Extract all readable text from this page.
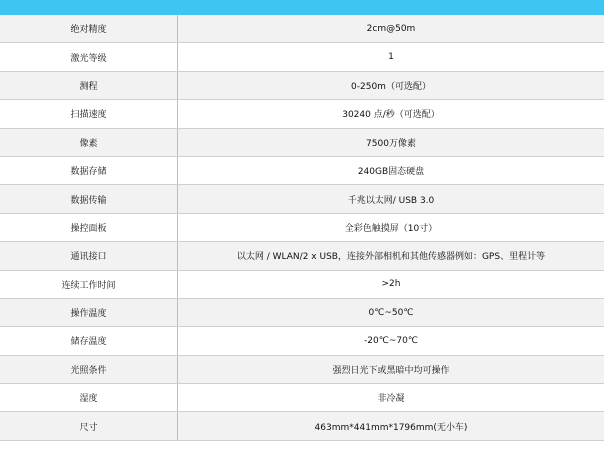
绝对精度	2cm@50m
激光等级	1
测程	0-250m（可选配）
扫描速度	30240 点/秒（可选配）
像素	7500万像素
数据存储	240GB固态硬盘
数据传输	千兆以太网/ USB 3.0
操控面板	全彩色触摸屏（10寸）
通讯接口	以太网 / WLAN/2 x USB，连接外部相机和其他传感器例如：GPS、里程计等
连续工作时间	>2h
操作温度	0℃~50℃
储存温度	-20℃~70℃
光照条件	强烈日光下或黑暗中均可操作
湿度	非冷凝
尺寸	463mm*441mm*1796mm(无小车)
